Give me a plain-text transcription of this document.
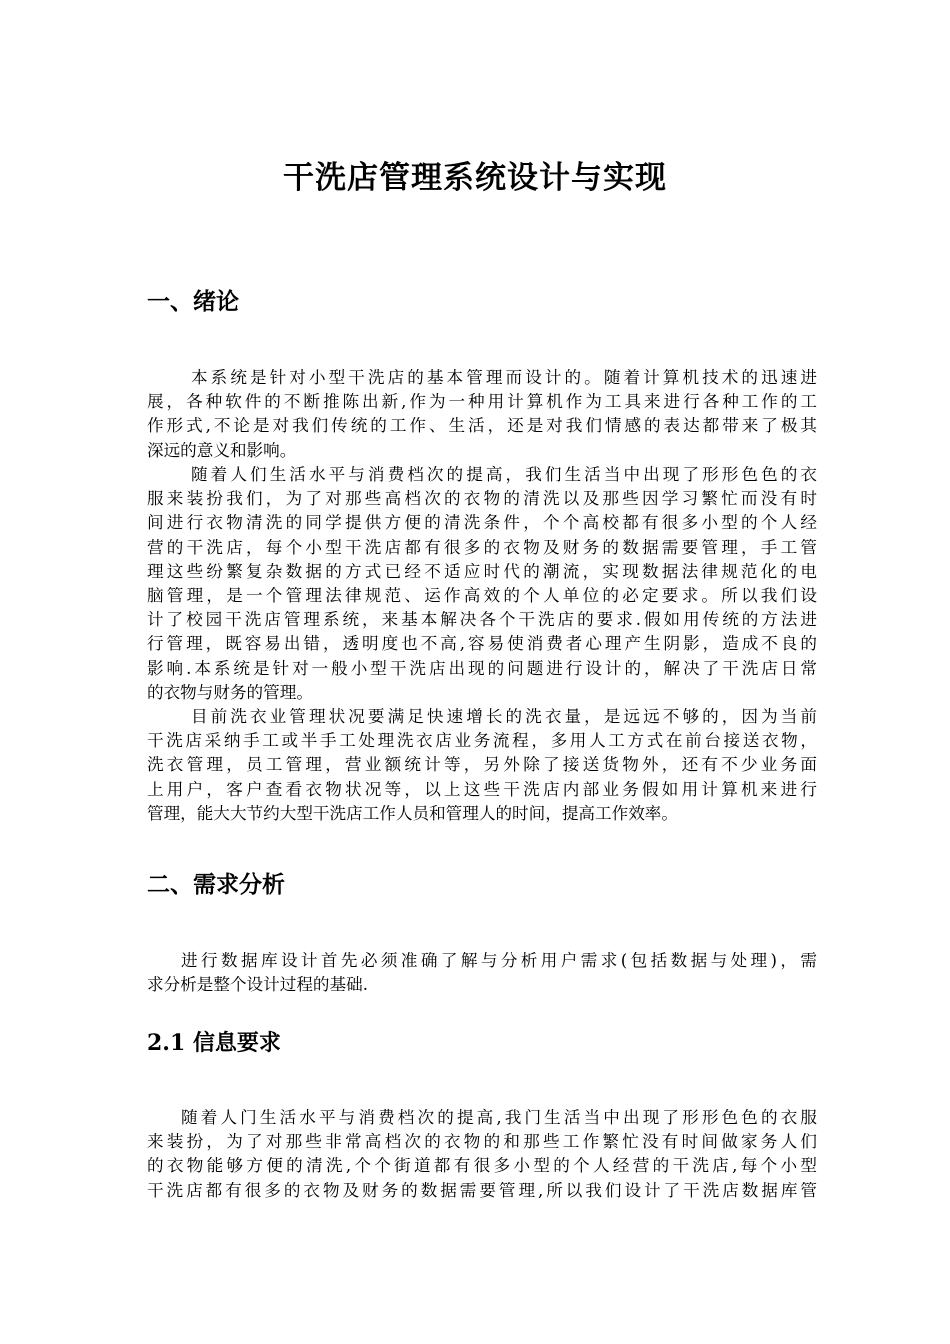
干洗店管理系统设计与实现
一、绪论
本系统是针对小型干洗店的基本管理而设计的。随着计算机技术的迅速进
展，各种软件的不断推陈出新,作为一种用计算机作为工具来进行各种工作的工
作形式,不论是对我们传统的工作、生活，还是对我们情感的表达都带来了极其
深远的意义和影响。
随着人们生活水平与消费档次的提高，我们生活当中出现了形形色色的衣
服来装扮我们，为了对那些高档次的衣物的清洗以及那些因学习繁忙而没有时
间进行衣物清洗的同学提供方便的清洗条件，个个高校都有很多小型的个人经
营的干洗店，每个小型干洗店都有很多的衣物及财务的数据需要管理，手工管
理这些纷繁复杂数据的方式已经不适应时代的潮流，实现数据法律规范化的电
脑管理，是一个管理法律规范、运作高效的个人单位的必定要求。所以我们设
计了校园干洗店管理系统，来基本解决各个干洗店的要求.假如用传统的方法进
行管理，既容易出错，透明度也不高,容易使消费者心理产生阴影，造成不良的
影响.本系统是针对一般小型干洗店出现的问题进行设计的，解决了干洗店日常
的衣物与财务的管理。
目前洗衣业管理状况要满足快速增长的洗衣量，是远远不够的，因为当前
干洗店采纳手工或半手工处理洗衣店业务流程，多用人工方式在前台接送衣物，
洗衣管理，员工管理，营业额统计等，另外除了接送货物外，还有不少业务面
上用户，客户查看衣物状况等，以上这些干洗店内部业务假如用计算机来进行
管理，能大大节约大型干洗店工作人员和管理人的时间，提高工作效率。
二、需求分析
进行数据库设计首先必须准确了解与分析用户需求(包括数据与处理)，需
求分析是整个设计过程的基础.
2.1 信息要求
随着人门生活水平与消费档次的提高,我门生活当中出现了形形色色的衣服
来装扮，为了对那些非常高档次的衣物的和那些工作繁忙没有时间做家务人们
的衣物能够方便的清洗,个个街道都有很多小型的个人经营的干洗店,每个小型
干洗店都有很多的衣物及财务的数据需要管理,所以我们设计了干洗店数据库管
